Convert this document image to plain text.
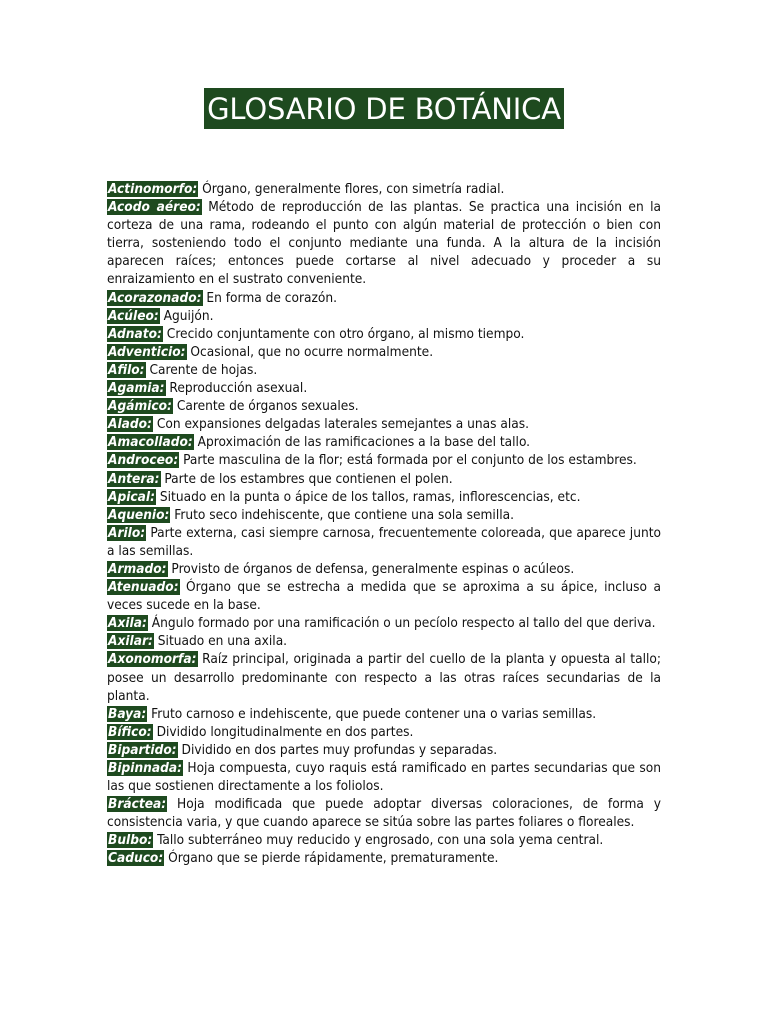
GLOSARIO DE BOTÁNICA

Actinomorfo: Órgano, generalmente flores, con simetría radial.

Acodo aéreo: Método de reproducción de las plantas. Se practica una incisión en la corteza de una rama, rodeando el punto con algún material de protección o bien con tierra, sosteniendo todo el conjunto mediante una funda. A la altura de la incisión aparecen raíces; entonces puede cortarse al nivel adecuado y proceder a su enraizamiento en el sustrato conveniente.

Acorazonado: En forma de corazón.

Acúleo: Aguijón.

Adnato: Crecido conjuntamente con otro órgano, al mismo tiempo.

Adventicio: Ocasional, que no ocurre normalmente.

Afilo: Carente de hojas.

Agamia: Reproducción asexual.

Agámico: Carente de órganos sexuales.

Alado: Con expansiones delgadas laterales semejantes a unas alas.

Amacollado: Aproximación de las ramificaciones a la base del tallo.

Androceo: Parte masculina de la flor; está formada por el conjunto de los estambres.

Antera: Parte de los estambres que contienen el polen.

Apical: Situado en la punta o ápice de los tallos, ramas, inflorescencias, etc.

Aquenio: Fruto seco indehiscente, que contiene una sola semilla.

Arilo: Parte externa, casi siempre carnosa, frecuentemente coloreada, que aparece junto a las semillas.

Armado: Provisto de órganos de defensa, generalmente espinas o acúleos.

Atenuado: Órgano que se estrecha a medida que se aproxima a su ápice, incluso a veces sucede en la base.

Axila: Ángulo formado por una ramificación o un pecíolo respecto al tallo del que deriva.

Axilar: Situado en una axila.

Axonomorfa: Raíz principal, originada a partir del cuello de la planta y opuesta al tallo; posee un desarrollo predominante con respecto a las otras raíces secundarias de la planta.

Baya: Fruto carnoso e indehiscente, que puede contener una o varias semillas.

Bífico: Dividido longitudinalmente en dos partes.

Bipartido: Dividido en dos partes muy profundas y separadas.

Bipinnada: Hoja compuesta, cuyo raquis está ramificado en partes secundarias que son las que sostienen directamente a los foliolos.

Bráctea: Hoja modificada que puede adoptar diversas coloraciones, de forma y consistencia varia, y que cuando aparece se sitúa sobre las partes foliares o floreales.

Bulbo: Tallo subterráneo muy reducido y engrosado, con una sola yema central.

Caduco: Órgano que se pierde rápidamente, prematuramente.
